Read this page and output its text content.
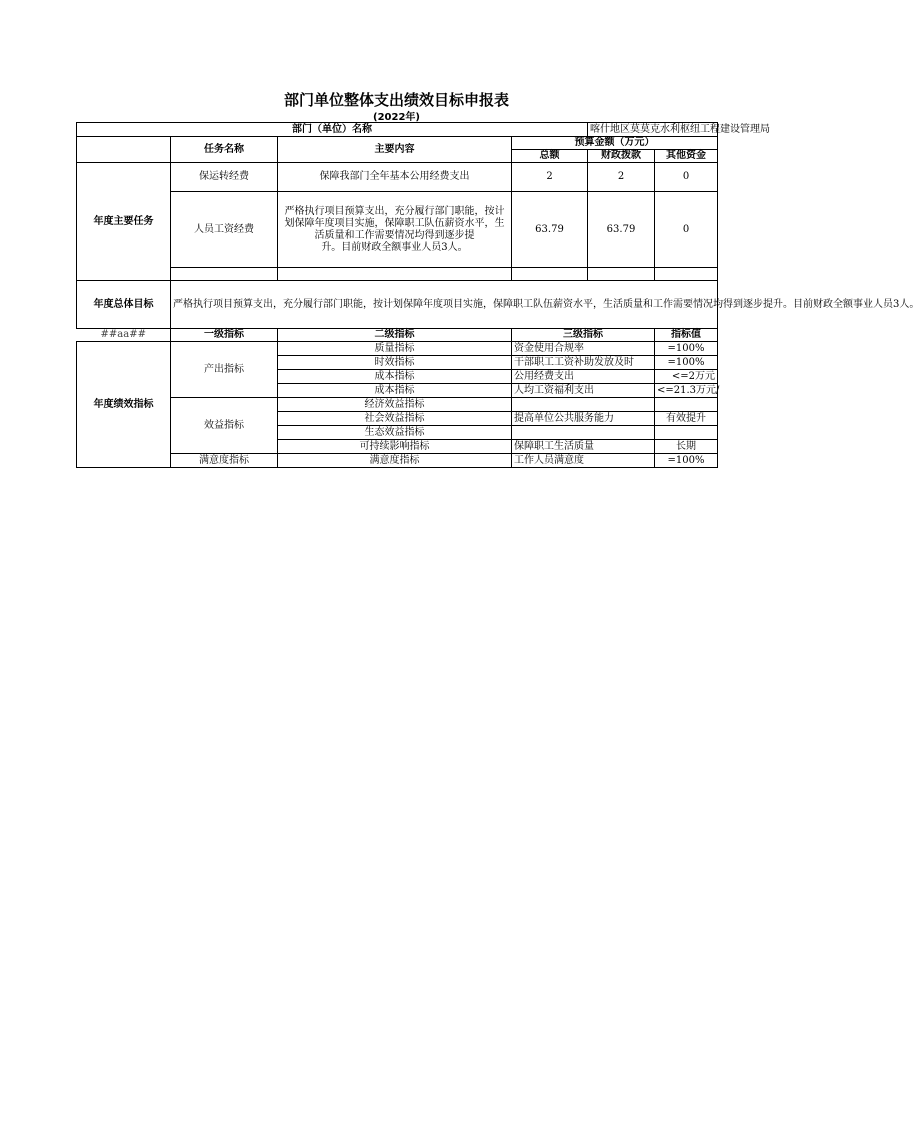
部门单位整体支出绩效目标申报表
(2022年)
部门（单位）名称				喀什地区莫莫克水利枢纽工程建设管理局	
	任务名称	主要内容	预算金额（万元）		
			总额	财政拨款	其他资金
年度主要任务	保运转经费	保障我部门全年基本公用经费支出	2	2	0
	人员工资经费	严格执行项目预算支出，充分履行部门职能，按计划保障年度项目实施，保障职工队伍薪资水平，生活质量和工作需要情况均得到逐步提
升。目前财政全额事业人员3人。	63.79	63.79	0

年度总体目标	严格执行项目预算支出，充分履行部门职能，按计划保障年度项目实施，保障职工队伍薪资水平，生活质量和工作需要情况均得到逐步提升。目前财政全额事业人员3人。				
##aa##	一级指标	二级指标	三级指标		指标值
年度绩效指标	产出指标	质量指标	资金使用合规率		=100%
		时效指标	干部职工工资补助发放及时		=100%
		成本指标	公用经费支出		<=2万元
		成本指标	人均工资福利支出		<=21.3万元/
	效益指标	经济效益指标			
		社会效益指标	提高单位公共服务能力		有效提升
		生态效益指标			
		可持续影响指标	保障职工生活质量		长期
	满意度指标	满意度指标	工作人员满意度		=100%
